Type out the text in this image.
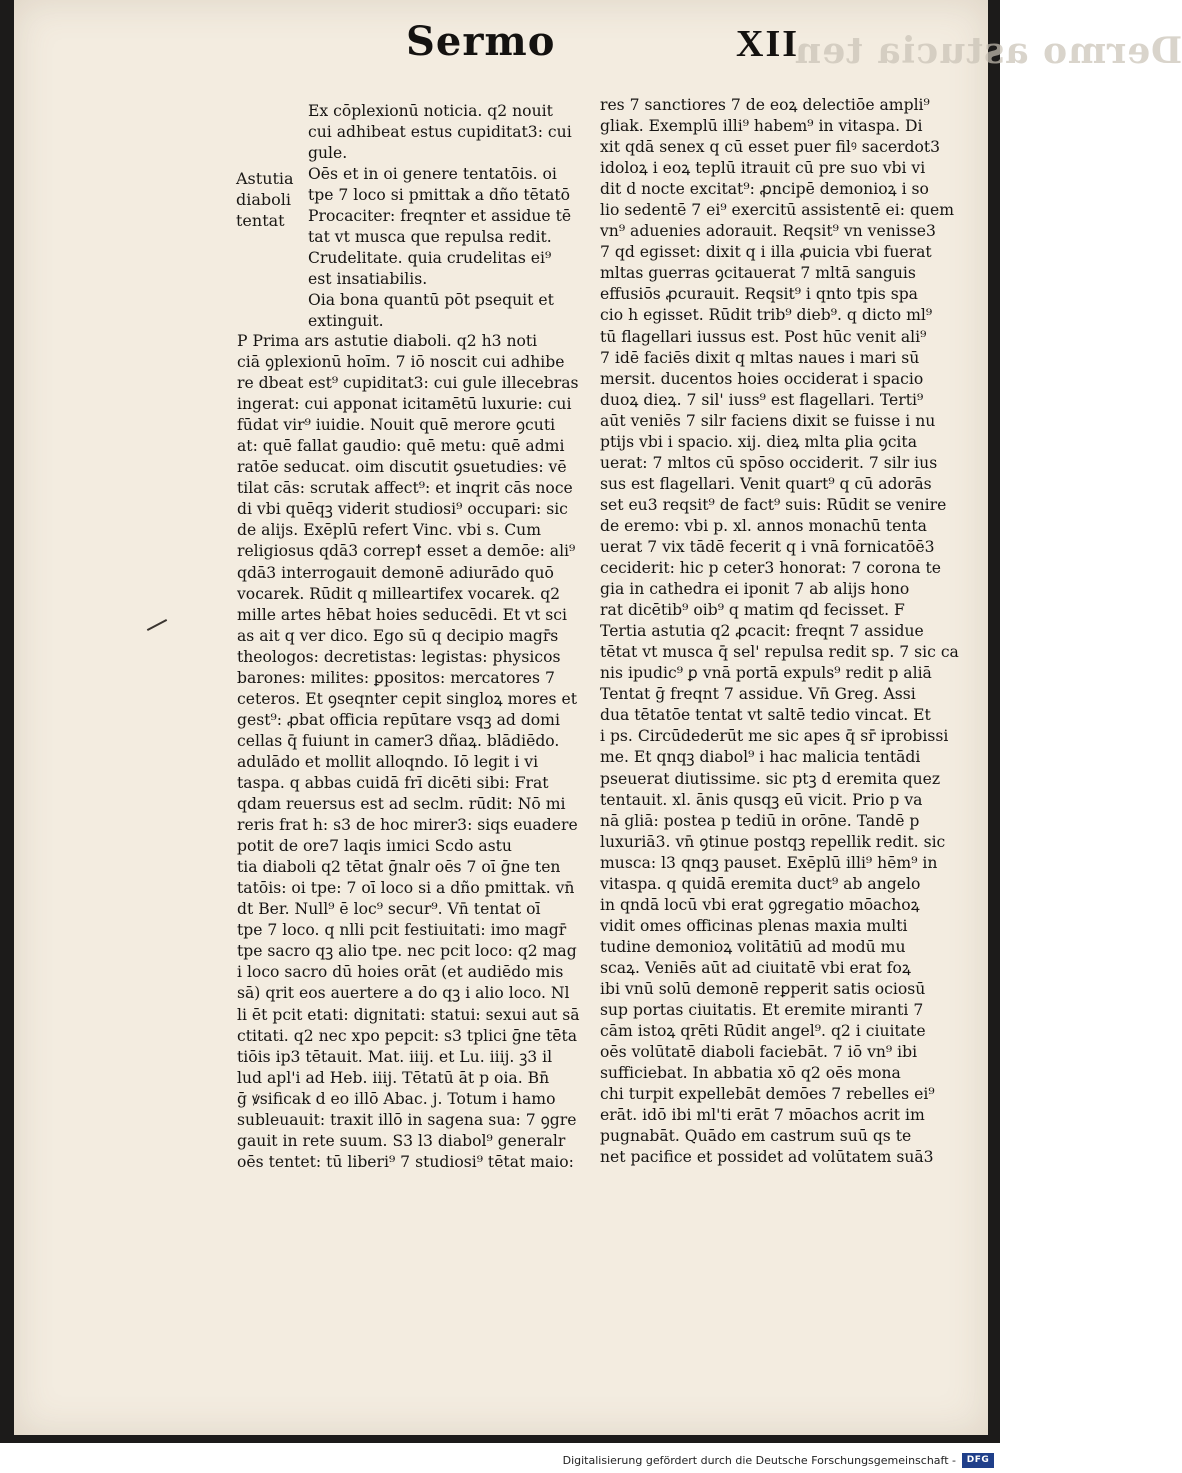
Dermo astucia ten
Sermo	XII
Astutia
diaboli
tentat
Ex cōplexionū noticia. q2 nouit
cui adhibeat estus cupiditat3: cui
gule.
Oēs et in oi genere tentatōis. oi
tpe 7 loco si pmittak a dño tētatō
Procaciter: freqnter et assidue tē
tat vt musca que repulsa redit.
Crudelitate. quia crudelitas ei⁹
est insatiabilis.
Oia bona quantū pōt psequit et
extinguit.
P Prima ars astutie diaboli. q2 h3 noti
ciā ꝯplexionū hoīm. 7 iō noscit cui adhibe
re dbeat est⁹ cupiditat3: cui gule illecebras
ingerat: cui apponat icitamētū luxurie: cui
fūdat vir⁹ iuidie. Nouit quē merore ꝯcuti
at: quē fallat gaudio: quē metu: quē admi
ratōe seducat. oim discutit ꝯsuetudies: vē
tilat cās: scrutak affect⁹: et inqrit cās noce
di vbi quēqꝫ viderit studiosi⁹ occupari: sic
de alijs. Exēplū refert Vinc. vbi s. Cum
religiosus qdā3 correpꝉ esset a demōe: ali⁹
qdā3 interrogauit demonē adiurādo quō
vocarek. Rūdit q milleartifex vocarek. q2
mille artes hēbat hoies seducēdi. Et vt sci
as ait q ver dico. Ego sū q decipio magr̄s
theologos: decretistas: legistas: physicos
barones: milites: ꝑpositos: mercatores 7
ceteros. Et ꝯseqnter cepit singloꝝ mores et
gest⁹: ꝓbat officia repūtare vsqꝫ ad domi
cellas q̄ fuiunt in camer3 dñaꝝ. blādiēdo.
adulādo et mollit alloqndo. Iō legit i vi
taspa. q abbas cuidā frī dicēti sibi: Frat
qdam reuersus est ad seclm. rūdit: Nō mi
reris frat h: s3 de hoc mirer3: siqs euadere
potit de ore7 laqis iımici Scdo astu
tia diaboli q2 tētat ḡnalr oēs 7 oī ḡne ten
tatōis: oi tpe: 7 oī loco si a dño pmittak. vn̄
dt Ber. Null⁹ ē loc⁹ secur⁹. Vn̄ tentat oī
tpe 7 loco. q nlli pcit festiuitati: imo magr̄
tpe sacro qꝫ alio tpe. nec pcit loco: q2 mag
i loco sacro dū hoies orāt (et audiēdo mis
sā) qrit eos auertere a do qꝫ i alio loco. Nl
li ēt pcit etati: dignitati: statui: sexui aut sā
ctitati. q2 nec xpo pepcit: s3 tplici ḡne tēta
tiōis ip3 tētauit. Mat. iiij. et Lu. iiij. ꝫ3 il
lud apl'i ad Heb. iiij. Tētatū āt p oia. Bn̄
ḡ ꝟsificak d eo illō Abac. j. Totum i hamo
subleuauit: traxit illō in sagena sua: 7 ꝯgre
gauit in rete suum. S3 l3 diabol⁹ generalr
oēs tentet: tū liberi⁹ 7 studiosi⁹ tētat maio:
res 7 sanctiores 7 de eoꝝ delectiōe ampli⁹
gliak. Exemplū illi⁹ habem⁹ in vitaspa. Di
xit qdā senex q cū esset puer filꝰ sacerdot3
idoloꝝ i eoꝝ teplū itrauit cū pre suo vbi vi
dit d nocte excitat⁹: ꝓncipē demonioꝝ i so
lio sedentē 7 ei⁹ exercitū assistentē ei: quem
vn⁹ aduenies adorauit. Reqsit⁹ vn venisse3
7 qd egisset: dixit q i illa ꝓuicia vbi fuerat
mltas guerras ꝯcitauerat 7 mltā sanguis
effusiōs ꝓcurauit. Reqsit⁹ i qnto tpis spa
cio h egisset. Rūdit trib⁹ dieb⁹. q dicto ml⁹
tū flagellari iussus est. Post hūc venit ali⁹
7 idē faciēs dixit q mltas naues i mari sū
mersit. ducentos hoies occiderat i spacio
duoꝝ dieꝝ. 7 sil' iuss⁹ est flagellari. Terti⁹
aūt veniēs 7 silr faciens dixit se fuisse i nu
ptijs vbi i spacio. xij. dieꝝ mlta ꝑlia ꝯcita
uerat: 7 mltos cū spōso occiderit. 7 silr ius
sus est flagellari. Venit quart⁹ q cū adorās
set eu3 reqsit⁹ de fact⁹ suis: Rūdit se venire
de eremo: vbi p. xl. annos monachū tenta
uerat 7 vix tādē fecerit q i vnā fornicatōē3
ceciderit: hic p ceter3 honorat: 7 corona te
gia in cathedra ei iponit 7 ab alijs hono
rat dicētib⁹ oib⁹ q matim qd fecisset. F
Tertia astutia q2 ꝓcacit: freqnt 7 assidue
tētat vt musca q̄ sel' repulsa redit sp. 7 sic ca
nis ipudic⁹ ꝑ vnā portā expuls⁹ redit p aliā
Tentat ḡ freqnt 7 assidue. Vn̄ Greg. Assi
dua tētatōe tentat vt saltē tedio vincat. Et
i ps. Circūdederūt me sic apes q̄ sr̄ iprobissi
me. Et qnqꝫ diabol⁹ i hac malicia tentādi
pseuerat diutissime. sic ptꝫ d eremita quez
tentauit. xl. ānis qusqꝫ eū vicit. Prio p va
nā gliā: postea p tediū in orōne. Tandē p
luxuriā3. vn̄ ꝯtinue postqꝫ repellik redit. sic
musca: l3 qnqꝫ pauset. Exēplū illi⁹ hēm⁹ in
vitaspa. q quidā eremita duct⁹ ab angelo
in qndā locū vbi erat ꝯgregatio mōachoꝝ
vidit omes officinas plenas maxia multi
tudine demonioꝝ volitātiū ad modū mu
scaꝝ. Veniēs aūt ad ciuitatē vbi erat foꝝ
ibi vnū solū demonē reꝑperit satis ociosū
sup portas ciuitatis. Et eremite miranti 7
cām istoꝝ qrēti Rūdit angel⁹. q2 i ciuitate
oēs volūtatē diaboli faciebāt. 7 iō vn⁹ ibi
sufficiebat. In abbatia xō q2 oēs mona
chi turpit expellebāt demōes 7 rebelles ei⁹
erāt. idō ibi ml'ti erāt 7 mōachos acrit im
pugnabāt. Quādo em castrum suū qs te
net pacifice et possidet ad volūtatem suā3
Digitalisierung gefördert durch die Deutsche Forschungsgemeinschaft -	DFG
